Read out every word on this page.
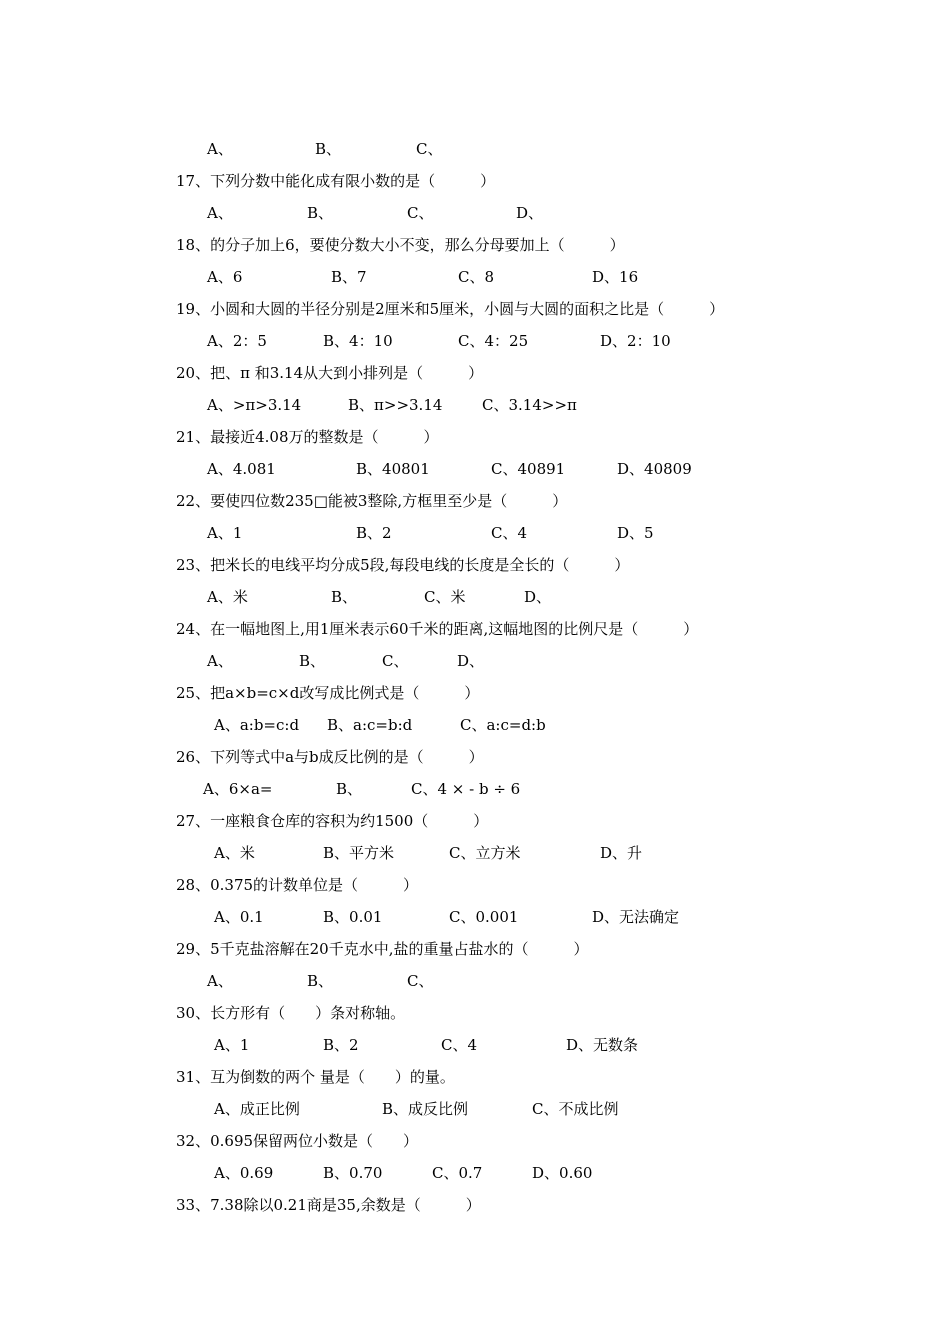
A、	B、	C、
17、下列分数中能化成有限小数的是（　　　）
A、	B、	C、	D、
18、的分子加上6，要使分数大小不变，那么分母要加上（　　　）
A、6	B、7	C、8	D、16
19、小圆和大圆的半径分别是2厘米和5厘米，小圆与大圆的面积之比是（　　　）
A、2：5	B、4：10	C、4：25	D、2：10
20、把、π 和3.14从大到小排列是（　　　）
A、>π>3.14	B、π>>3.14	C、3.14>>π
21、最接近4.08万的整数是（　　　）
A、4.081	B、40801	C、40891	D、40809
22、要使四位数235□能被3整除,方框里至少是（　　　）
A、1	B、2	C、4	D、5
23、把米长的电线平均分成5段,每段电线的长度是全长的（　　　）
A、米	B、	C、米	D、
24、在一幅地图上,用1厘米表示60千米的距离,这幅地图的比例尺是（　　　）
A、	B、	C、	D、
25、把a×b=c×d改写成比例式是（　　　）
A、a:b=c:d B、a:c=b:d	C、a:c=d:b
26、下列等式中a与b成反比例的是（　　　）
A、6×a=	B、	C、4 × - b ÷ 6
27、一座粮食仓库的容积为约1500（　　　）
A、米	B、平方米	C、立方米	D、升
28、0.375的计数单位是（　　　）
A、0.1	B、0.01	C、0.001	D、无法确定
29、5千克盐溶解在20千克水中,盐的重量占盐水的（　　　）
A、	B、	C、
30、长方形有（　　）条对称轴。
A、1	B、2	C、4	D、无数条
31、互为倒数的两个 量是（　　）的量。
A、成正比例	B、成反比例	C、不成比例
32、0.695保留两位小数是（　　）
A、0.69	B、0.70	C、0.7	D、0.60
33、7.38除以0.21商是35,余数是（　　　）
